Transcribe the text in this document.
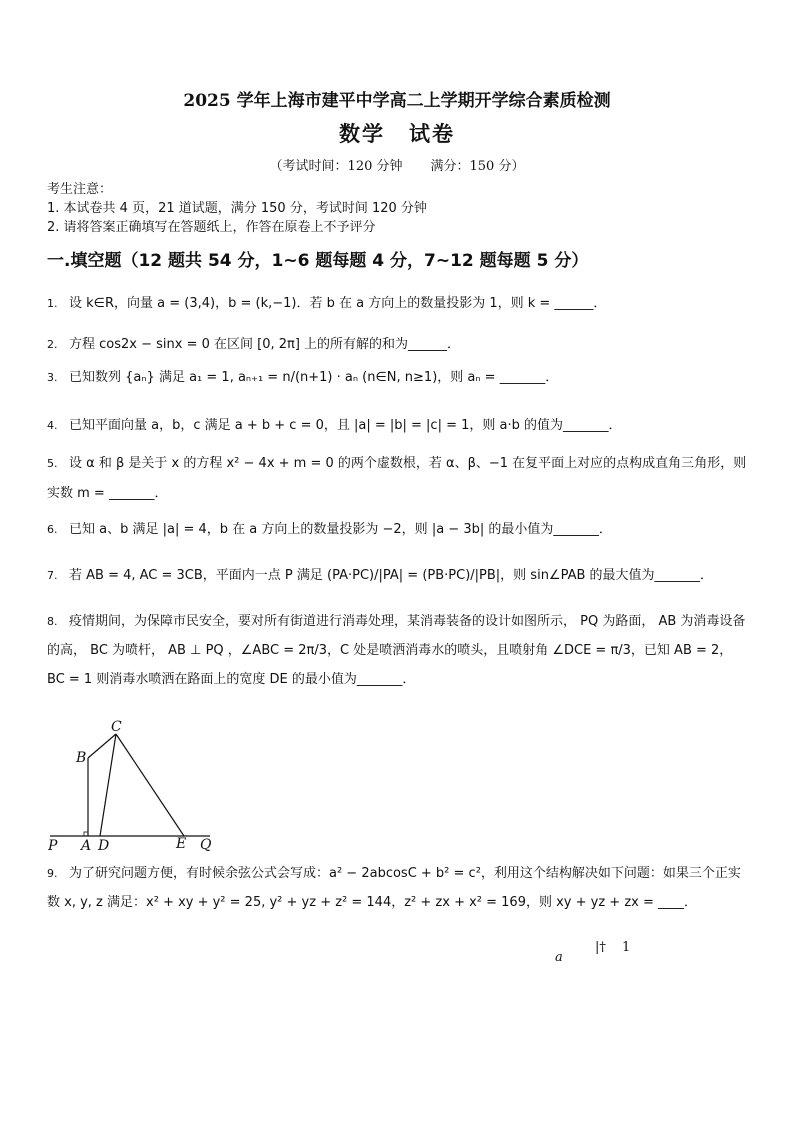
2025 学年上海市建平中学高二上学期开学综合素质检测
数学 试卷
（考试时间：120 分钟 满分：150 分）
考生注意：
1. 本试卷共 4 页，21 道试题，满分 150 分，考试时间 120 分钟
2. 请将答案正确填写在答题纸上，作答在原卷上不予评分
一.填空题（12 题共 54 分，1~6 题每题 4 分，7~12 题每题 5 分）
1. 设 k∈R，向量 a = (3,4)，b = (k,−1)．若 b 在 a 方向上的数量投影为 1，则 k = ______．
2. 方程 cos2x − sinx = 0 在区间 [0, 2π] 上的所有解的和为______．
3. 已知数列 {aₙ} 满足 a₁ = 1, aₙ₊₁ = n/(n+1) · aₙ (n∈N, n≥1)，则 aₙ = _______．
4. 已知平面向量 a，b，c 满足 a + b + c = 0，且 |a| = |b| = |c| = 1，则 a·b 的值为_______．
5. 设 α 和 β 是关于 x 的方程 x² − 4x + m = 0 的两个虚数根，若 α、β、−1 在复平面上对应的点构成直角三角形，则
实数 m = _______．
6. 已知 a、b 满足 |a| = 4，b 在 a 方向上的数量投影为 −2，则 |a − 3b| 的最小值为_______．
7. 若 AB = 4, AC = 3CB，平面内一点 P 满足 (PA·PC)/|PA| = (PB·PC)/|PB|，则 sin∠PAB 的最大值为_______．
8. 疫情期间，为保障市民安全，要对所有街道进行消毒处理，某消毒装备的设计如图所示， PQ 为路面， AB 为消毒设备的高， BC 为喷杆， AB ⊥ PQ ，∠ABC = 2π/3，C 处是喷洒消毒水的喷头，且喷射角 ∠DCE = π/3，已知 AB = 2，BC = 1 则消毒水喷洒在路面上的宽度 DE 的最小值为_______．
P A D
B
C
E Q
9. 为了研究问题方便，有时候余弦公式会写成：a² − 2abcosC + b² = c²，利用这个结构解决如下问题：如果三个正实数 x, y, z 满足：x² + xy + y² = 25, y² + yz + z² = 144，z² + zx + x² = 169，则 xy + yz + zx = ____．
a
|† 1
